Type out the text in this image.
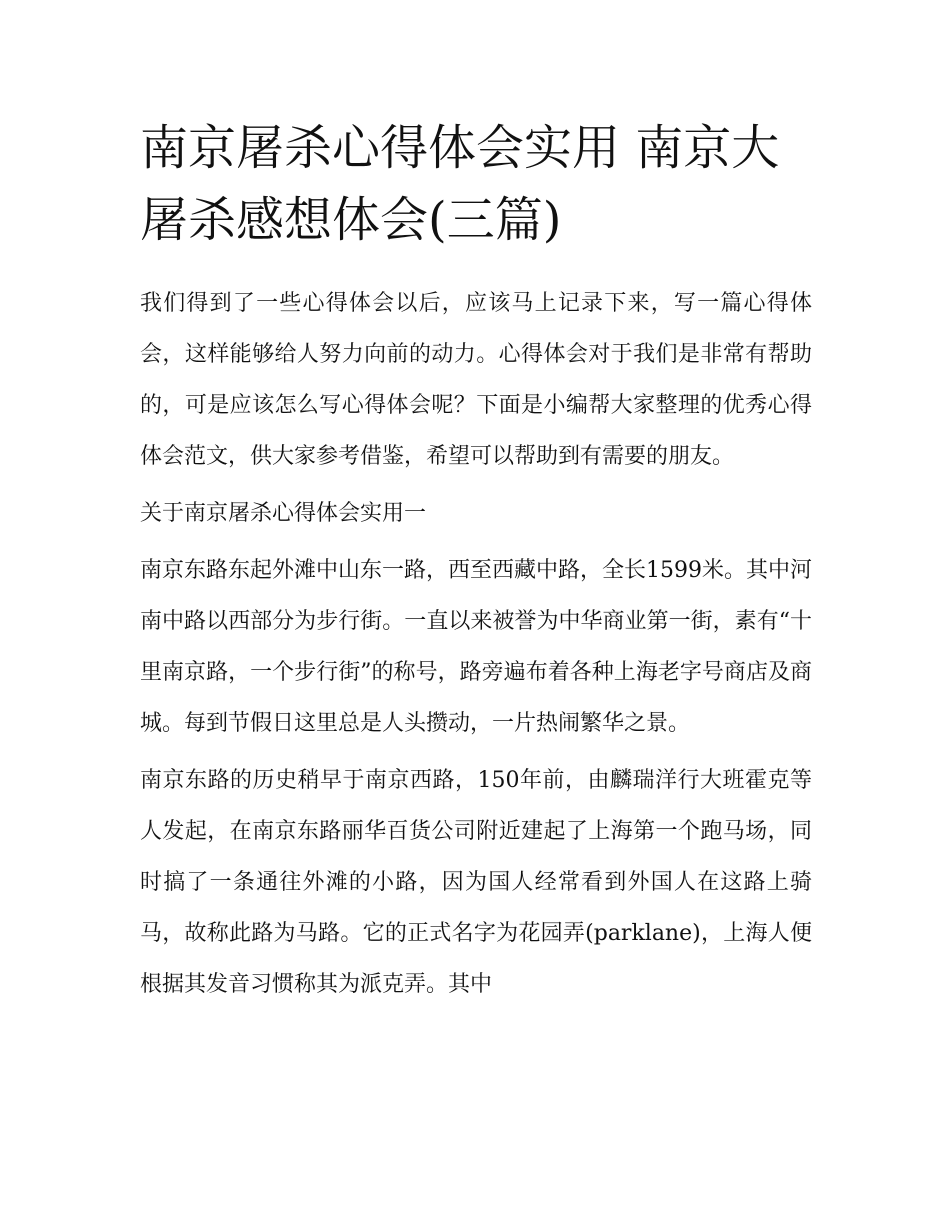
南京屠杀心得体会实用 南京大屠杀感想体会(三篇)

我们得到了一些心得体会以后，应该马上记录下来，写一篇心得体会，这样能够给人努力向前的动力。心得体会对于我们是非常有帮助的，可是应该怎么写心得体会呢？下面是小编帮大家整理的优秀心得体会范文，供大家参考借鉴，希望可以帮助到有需要的朋友。

关于南京屠杀心得体会实用一

南京东路东起外滩中山东一路，西至西藏中路，全长1599米。其中河南中路以西部分为步行街。一直以来被誉为中华商业第一街，素有“十里南京路，一个步行街”的称号，路旁遍布着各种上海老字号商店及商城。每到节假日这里总是人头攒动，一片热闹繁华之景。

南京东路的历史稍早于南京西路，150年前，由麟瑞洋行大班霍克等人发起，在南京东路丽华百货公司附近建起了上海第一个跑马场，同时搞了一条通往外滩的小路，因为国人经常看到外国人在这路上骑马，故称此路为马路。它的正式名字为花园弄(parklane)，上海人便根据其发音习惯称其为派克弄。其中
